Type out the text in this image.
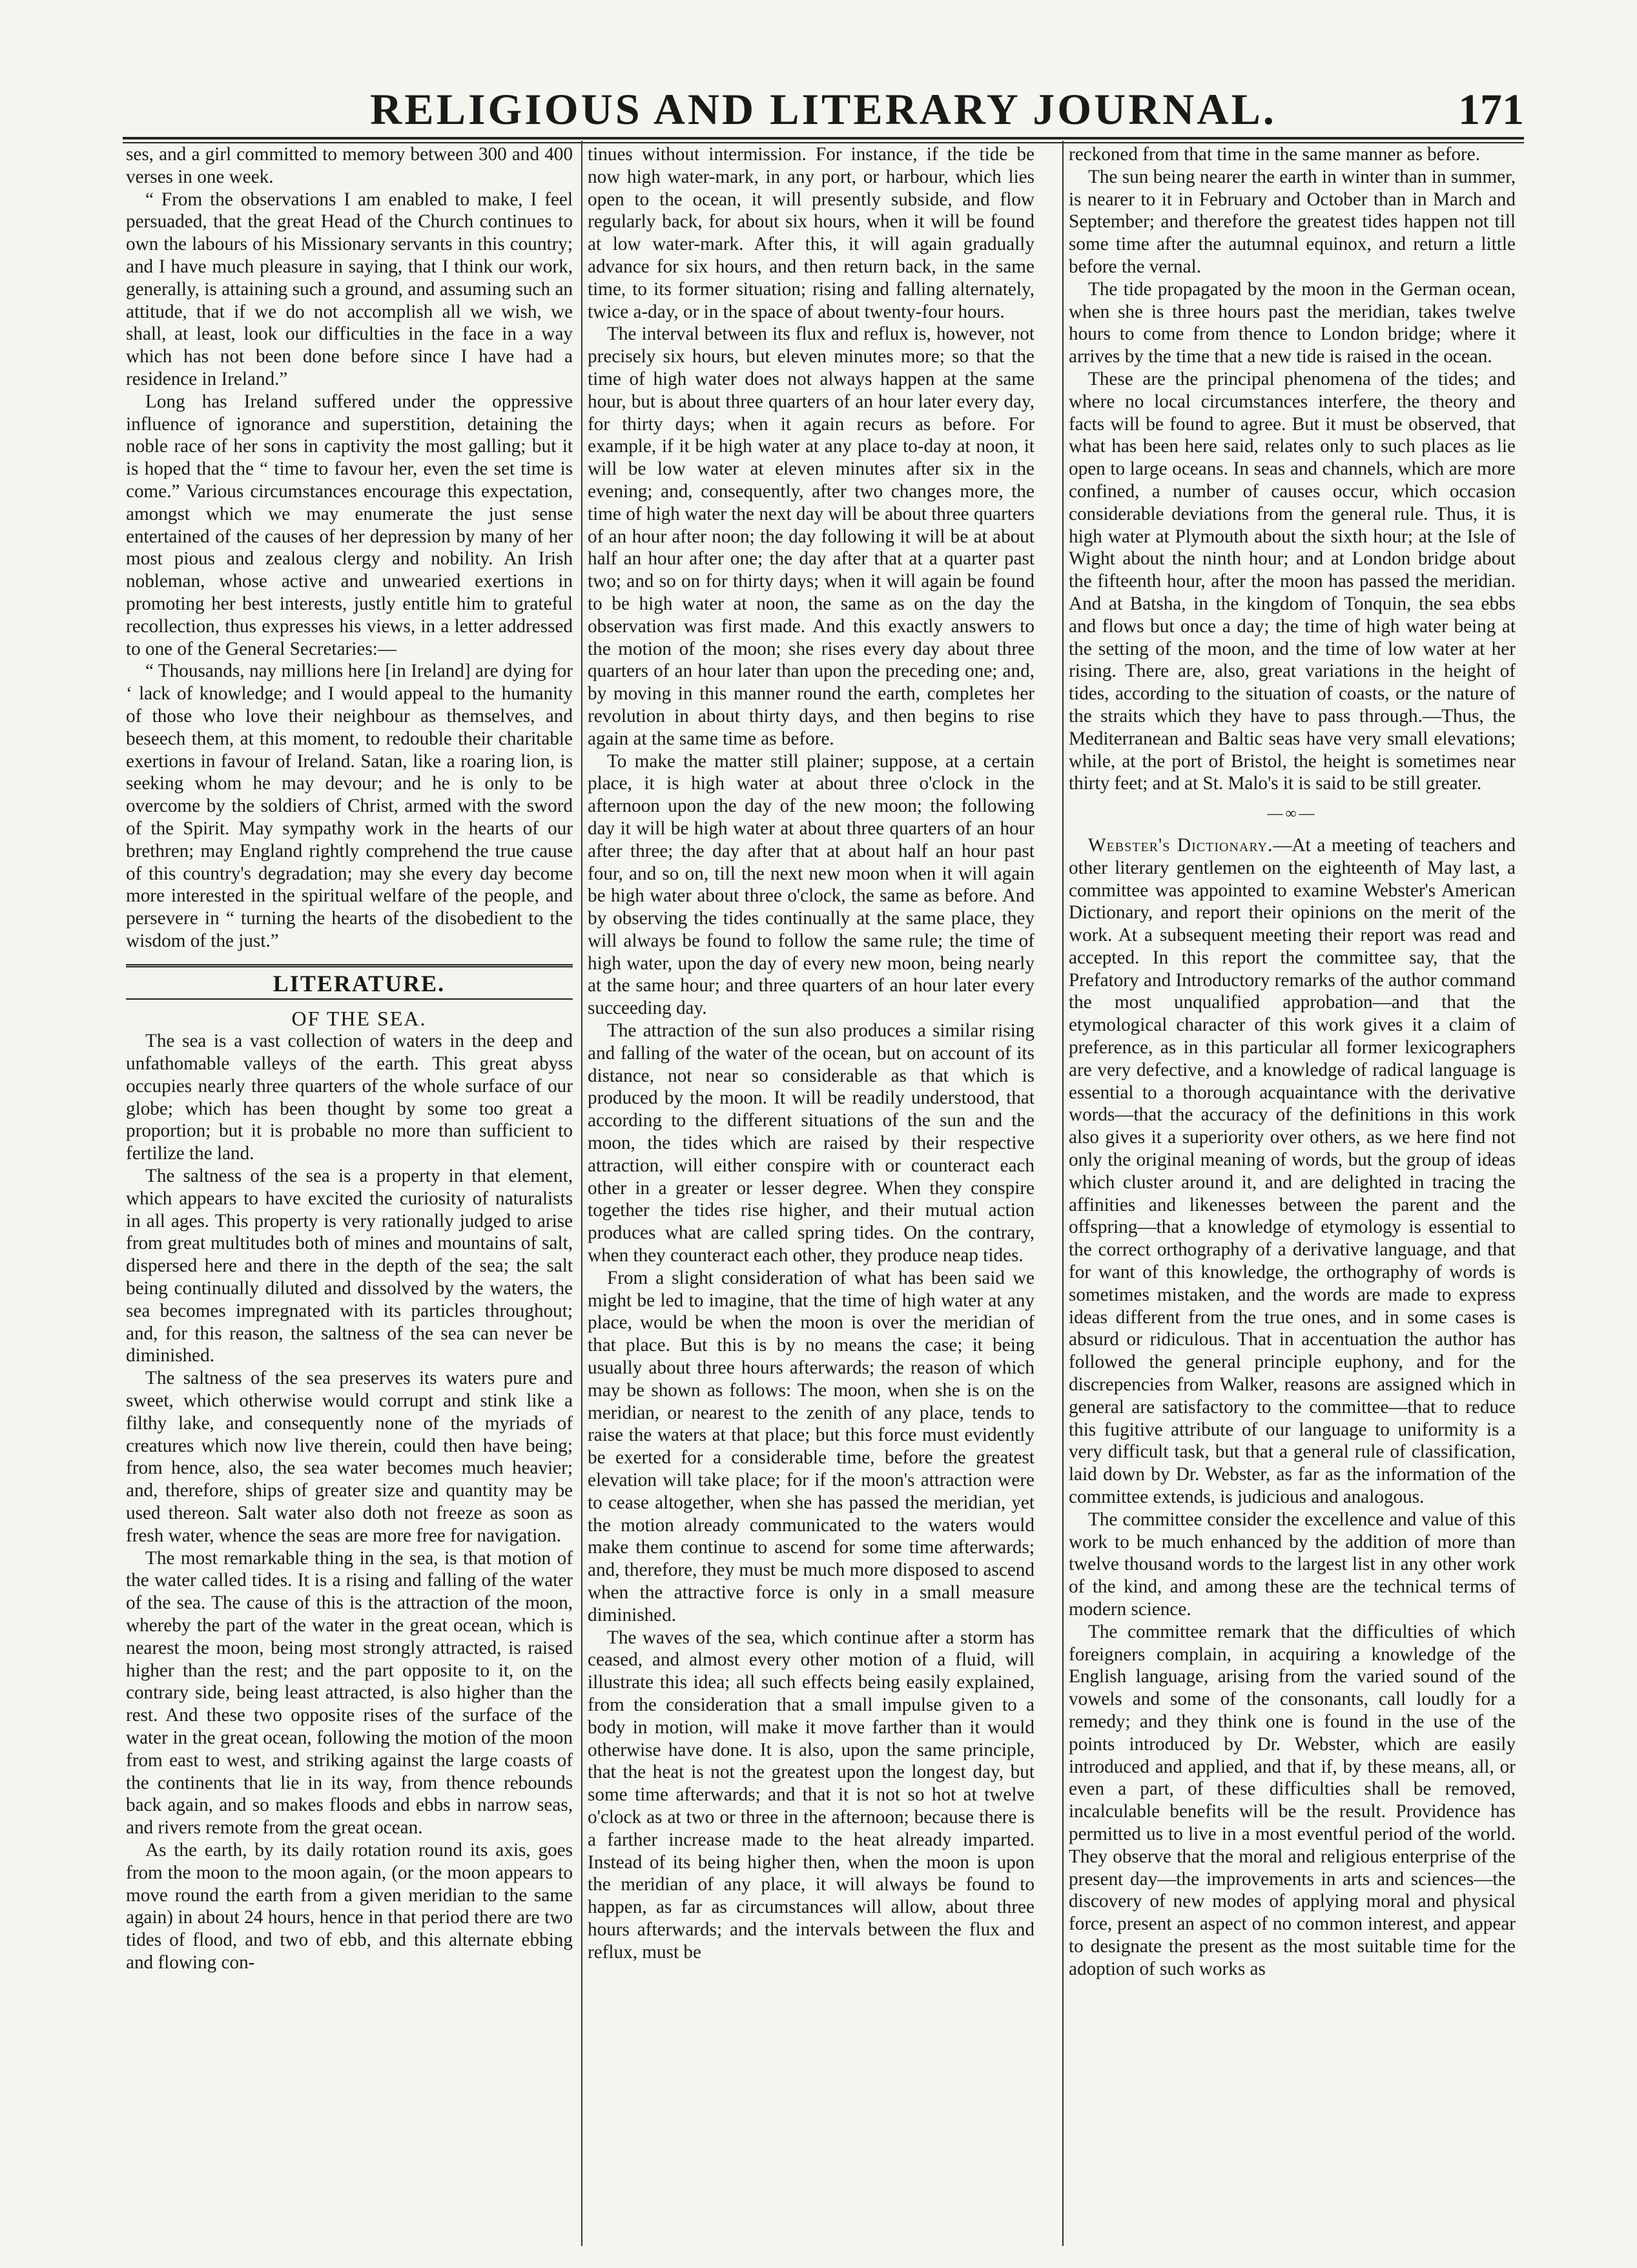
RELIGIOUS AND LITERARY JOURNAL.	171

ses, and a girl committed to memory between 300 and 400 verses in one week.

“ From the observations I am enabled to make, I feel persuaded, that the great Head of the Church continues to own the labours of his Missionary servants in this country; and I have much pleasure in saying, that I think our work, generally, is attaining such a ground, and assuming such an attitude, that if we do not accomplish all we wish, we shall, at least, look our difficulties in the face in a way which has not been done before since I have had a residence in Ireland.”

Long has Ireland suffered under the oppressive influence of ignorance and superstition, detaining the noble race of her sons in captivity the most galling; but it is hoped that the “ time to favour her, even the set time is come.” Various circumstances encourage this expectation, amongst which we may enumerate the just sense entertained of the causes of her depression by many of her most pious and zealous clergy and nobility. An Irish nobleman, whose active and unwearied exertions in promoting her best interests, justly entitle him to grateful recollection, thus expresses his views, in a letter addressed to one of the General Secretaries:—

“ Thousands, nay millions here [in Ireland] are dying for ‘ lack of knowledge; and I would appeal to the humanity of those who love their neighbour as themselves, and beseech them, at this moment, to redouble their charitable exertions in favour of Ireland. Satan, like a roaring lion, is seeking whom he may devour; and he is only to be overcome by the soldiers of Christ, armed with the sword of the Spirit. May sympathy work in the hearts of our brethren; may England rightly comprehend the true cause of this country's degradation; may she every day become more interested in the spiritual welfare of the people, and persevere in “ turning the hearts of the disobedient to the wisdom of the just.”

LITERATURE.

OF THE SEA.

The sea is a vast collection of waters in the deep and unfathomable valleys of the earth. This great abyss occupies nearly three quarters of the whole surface of our globe; which has been thought by some too great a proportion; but it is probable no more than sufficient to fertilize the land.

The saltness of the sea is a property in that element, which appears to have excited the curiosity of naturalists in all ages. This property is very rationally judged to arise from great multitudes both of mines and mountains of salt, dispersed here and there in the depth of the sea; the salt being continually diluted and dissolved by the waters, the sea becomes impregnated with its particles throughout; and, for this reason, the saltness of the sea can never be diminished.

The saltness of the sea preserves its waters pure and sweet, which otherwise would corrupt and stink like a filthy lake, and consequently none of the myriads of creatures which now live therein, could then have being; from hence, also, the sea water becomes much heavier; and, therefore, ships of greater size and quantity may be used thereon. Salt water also doth not freeze as soon as fresh water, whence the seas are more free for navigation.

The most remarkable thing in the sea, is that motion of the water called tides. It is a rising and falling of the water of the sea. The cause of this is the attraction of the moon, whereby the part of the water in the great ocean, which is nearest the moon, being most strongly attracted, is raised higher than the rest; and the part opposite to it, on the contrary side, being least attracted, is also higher than the rest. And these two opposite rises of the surface of the water in the great ocean, following the motion of the moon from east to west, and striking against the large coasts of the continents that lie in its way, from thence rebounds back again, and so makes floods and ebbs in narrow seas, and rivers remote from the great ocean.

As the earth, by its daily rotation round its axis, goes from the moon to the moon again, (or the moon appears to move round the earth from a given meridian to the same again) in about 24 hours, hence in that period there are two tides of flood, and two of ebb, and this alternate ebbing and flowing con-

tinues without intermission. For instance, if the tide be now high water-mark, in any port, or harbour, which lies open to the ocean, it will presently subside, and flow regularly back, for about six hours, when it will be found at low water-mark. After this, it will again gradually advance for six hours, and then return back, in the same time, to its former situation; rising and falling alternately, twice a-day, or in the space of about twenty-four hours.

The interval between its flux and reflux is, however, not precisely six hours, but eleven minutes more; so that the time of high water does not always happen at the same hour, but is about three quarters of an hour later every day, for thirty days; when it again recurs as before. For example, if it be high water at any place to-day at noon, it will be low water at eleven minutes after six in the evening; and, consequently, after two changes more, the time of high water the next day will be about three quarters of an hour after noon; the day following it will be at about half an hour after one; the day after that at a quarter past two; and so on for thirty days; when it will again be found to be high water at noon, the same as on the day the observation was first made. And this exactly answers to the motion of the moon; she rises every day about three quarters of an hour later than upon the preceding one; and, by moving in this manner round the earth, completes her revolution in about thirty days, and then begins to rise again at the same time as before.

To make the matter still plainer; suppose, at a certain place, it is high water at about three o'clock in the afternoon upon the day of the new moon; the following day it will be high water at about three quarters of an hour after three; the day after that at about half an hour past four, and so on, till the next new moon when it will again be high water about three o'clock, the same as before. And by observing the tides continually at the same place, they will always be found to follow the same rule; the time of high water, upon the day of every new moon, being nearly at the same hour; and three quarters of an hour later every succeeding day.

The attraction of the sun also produces a similar rising and falling of the water of the ocean, but on account of its distance, not near so considerable as that which is produced by the moon. It will be readily understood, that according to the different situations of the sun and the moon, the tides which are raised by their respective attraction, will either conspire with or counteract each other in a greater or lesser degree. When they conspire together the tides rise higher, and their mutual action produces what are called spring tides. On the contrary, when they counteract each other, they produce neap tides.

From a slight consideration of what has been said we might be led to imagine, that the time of high water at any place, would be when the moon is over the meridian of that place. But this is by no means the case; it being usually about three hours afterwards; the reason of which may be shown as follows: The moon, when she is on the meridian, or nearest to the zenith of any place, tends to raise the waters at that place; but this force must evidently be exerted for a considerable time, before the greatest elevation will take place; for if the moon's attraction were to cease altogether, when she has passed the meridian, yet the motion already communicated to the waters would make them continue to ascend for some time afterwards; and, therefore, they must be much more disposed to ascend when the attractive force is only in a small measure diminished.

The waves of the sea, which continue after a storm has ceased, and almost every other motion of a fluid, will illustrate this idea; all such effects being easily explained, from the consideration that a small impulse given to a body in motion, will make it move farther than it would otherwise have done. It is also, upon the same principle, that the heat is not the greatest upon the longest day, but some time afterwards; and that it is not so hot at twelve o'clock as at two or three in the afternoon; because there is a farther increase made to the heat already imparted. Instead of its being higher then, when the moon is upon the meridian of any place, it will always be found to happen, as far as circumstances will allow, about three hours afterwards; and the intervals between the flux and reflux, must be

reckoned from that time in the same manner as before.

The sun being nearer the earth in winter than in summer, is nearer to it in February and October than in March and September; and therefore the greatest tides happen not till some time after the autumnal equinox, and return a little before the vernal.

The tide propagated by the moon in the German ocean, when she is three hours past the meridian, takes twelve hours to come from thence to London bridge; where it arrives by the time that a new tide is raised in the ocean.

These are the principal phenomena of the tides; and where no local circumstances interfere, the theory and facts will be found to agree. But it must be observed, that what has been here said, relates only to such places as lie open to large oceans. In seas and channels, which are more confined, a number of causes occur, which occasion considerable deviations from the general rule. Thus, it is high water at Plymouth about the sixth hour; at the Isle of Wight about the ninth hour; and at London bridge about the fifteenth hour, after the moon has passed the meridian. And at Batsha, in the kingdom of Tonquin, the sea ebbs and flows but once a day; the time of high water being at the setting of the moon, and the time of low water at her rising. There are, also, great variations in the height of tides, according to the situation of coasts, or the nature of the straits which they have to pass through.—Thus, the Mediterranean and Baltic seas have very small elevations; while, at the port of Bristol, the height is sometimes near thirty feet; and at St. Malo's it is said to be still greater.

—∞—

Webster's Dictionary.—At a meeting of teachers and other literary gentlemen on the eighteenth of May last, a committee was appointed to examine Webster's American Dictionary, and report their opinions on the merit of the work. At a subsequent meeting their report was read and accepted. In this report the committee say, that the Prefatory and Introductory remarks of the author command the most unqualified approbation—and that the etymological character of this work gives it a claim of preference, as in this particular all former lexicographers are very defective, and a knowledge of radical language is essential to a thorough acquaintance with the derivative words—that the accuracy of the definitions in this work also gives it a superiority over others, as we here find not only the original meaning of words, but the group of ideas which cluster around it, and are delighted in tracing the affinities and likenesses between the parent and the offspring—that a knowledge of etymology is essential to the correct orthography of a derivative language, and that for want of this knowledge, the orthography of words is sometimes mistaken, and the words are made to express ideas different from the true ones, and in some cases is absurd or ridiculous. That in accentuation the author has followed the general principle euphony, and for the discrepencies from Walker, reasons are assigned which in general are satisfactory to the committee—that to reduce this fugitive attribute of our language to uniformity is a very difficult task, but that a general rule of classification, laid down by Dr. Webster, as far as the information of the committee extends, is judicious and analogous.

The committee consider the excellence and value of this work to be much enhanced by the addition of more than twelve thousand words to the largest list in any other work of the kind, and among these are the technical terms of modern science.

The committee remark that the difficulties of which foreigners complain, in acquiring a knowledge of the English language, arising from the varied sound of the vowels and some of the consonants, call loudly for a remedy; and they think one is found in the use of the points introduced by Dr. Webster, which are easily introduced and applied, and that if, by these means, all, or even a part, of these difficulties shall be removed, incalculable benefits will be the result. Providence has permitted us to live in a most eventful period of the world. They observe that the moral and religious enterprise of the present day—the improvements in arts and sciences—the discovery of new modes of applying moral and physical force, present an aspect of no common interest, and appear to designate the present as the most suitable time for the adoption of such works as
